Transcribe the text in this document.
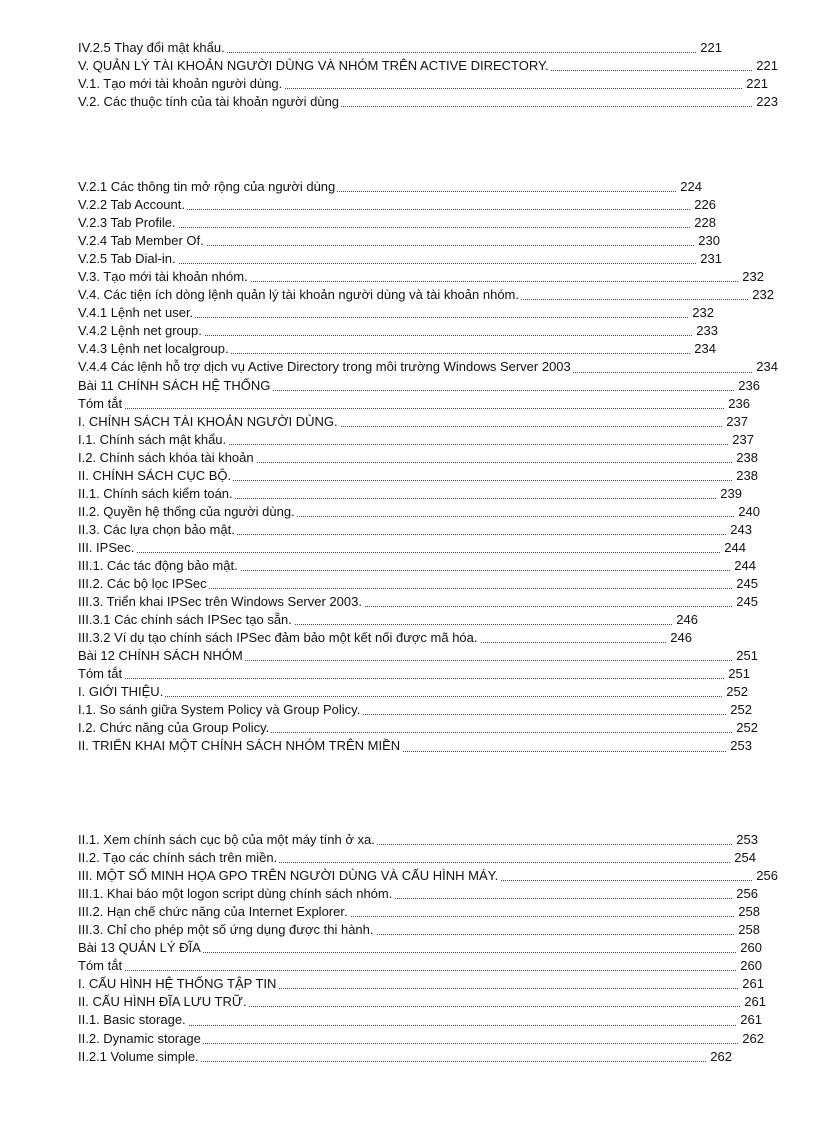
IV.2.5 Thay đổi mật khẩu.	221
V. QUẢN LÝ TÀI KHOẢN NGƯỜI DÙNG VÀ NHÓM TRÊN ACTIVE DIRECTORY.	221
V.1. Tạo mới tài khoản người dùng.	221
V.2. Các thuộc tính của tài khoản người dùng	223
V.2.1 Các thông tin mở rộng của người dùng	224
V.2.2 Tab Account.	226
V.2.3 Tab Profile.	228
V.2.4 Tab Member Of.	230
V.2.5 Tab Dial-in.	231
V.3. Tạo mới tài khoản nhóm.	232
V.4. Các tiện ích dòng lệnh quản lý tài khoản người dùng và tài khoản nhóm.	232
V.4.1 Lệnh net user.	232
V.4.2 Lệnh net group.	233
V.4.3 Lệnh net localgroup.	234
V.4.4 Các lệnh hỗ trợ dịch vụ Active Directory trong môi trường Windows Server 2003	234
Bài 11 CHÍNH SÁCH HỆ THỐNG	236
Tóm tắt	236
I. CHÍNH SÁCH TÀI KHOẢN NGƯỜI DÙNG.	237
I.1. Chính sách mật khẩu.	237
I.2. Chính sách khóa tài khoản	238
II. CHÍNH SÁCH CỤC BỘ.	238
II.1. Chính sách kiểm toán.	239
II.2. Quyền hệ thống của người dùng.	240
II.3. Các lựa chọn bảo mật.	243
III. IPSec.	244
III.1. Các tác động bảo mật.	244
III.2. Các bộ lọc IPSec	245
III.3. Triển khai IPSec trên Windows Server 2003.	245
III.3.1 Các chính sách IPSec tạo sẵn.	246
III.3.2 Ví dụ tạo chính sách IPSec đảm bảo một kết nối được mã hóa.	246
Bài 12 CHÍNH SÁCH NHÓM	251
Tóm tắt	251
I. GIỚI THIỆU.	252
I.1. So sánh giữa System Policy và Group Policy.	252
I.2. Chức năng của Group Policy.	252
II. TRIỂN KHAI MỘT CHÍNH SÁCH NHÓM TRÊN MIỀN	253
II.1. Xem chính sách cục bộ của một máy tính ở xa.	253
II.2. Tạo các chính sách trên miền.	254
III. MỘT SỐ MINH HỌA GPO TRÊN NGƯỜI DÙNG VÀ CẤU HÌNH MÁY.	256
III.1. Khai báo một logon script dùng chính sách nhóm.	256
III.2. Hạn chế chức năng của Internet Explorer.	258
III.3. Chỉ cho phép một số ứng dụng được thi hành.	258
Bài 13 QUẢN LÝ ĐĨA	260
Tóm tắt	260
I. CẤU HÌNH HỆ THỐNG TẬP TIN	261
II. CẤU HÌNH ĐĨA LƯU TRỮ.	261
II.1. Basic storage.	261
II.2. Dynamic storage	262
II.2.1 Volume simple.	262
